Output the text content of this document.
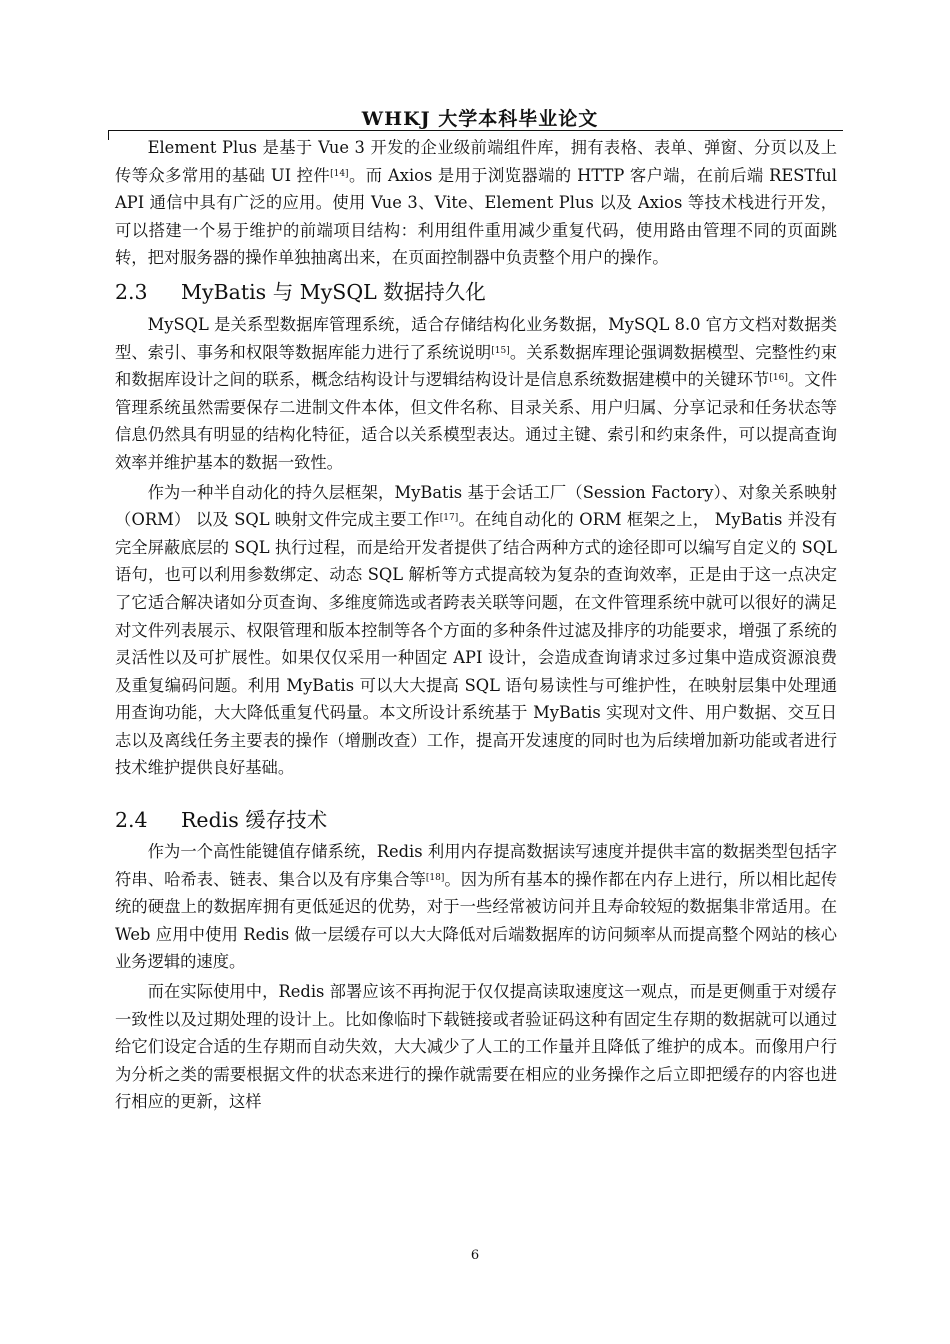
WHKJ 大学本科毕业论文

Element Plus 是基于 Vue 3 开发的企业级前端组件库，拥有表格、表单、弹窗、分页以及上传等众多常用的基础 UI 控件[14]。而 Axios 是用于浏览器端的 HTTP 客户端，在前后端 RESTful API 通信中具有广泛的应用。使用 Vue 3、Vite、Element Plus 以及 Axios 等技术栈进行开发，可以搭建一个易于维护的前端项目结构：利用组件重用减少重复代码，使用路由管理不同的页面跳转，把对服务器的操作单独抽离出来，在页面控制器中负责整个用户的操作。

2.3 MyBatis 与 MySQL 数据持久化

MySQL 是关系型数据库管理系统，适合存储结构化业务数据，MySQL 8.0 官方文档对数据类型、索引、事务和权限等数据库能力进行了系统说明[15]。关系数据库理论强调数据模型、完整性约束和数据库设计之间的联系，概念结构设计与逻辑结构设计是信息系统数据建模中的关键环节[16]。文件管理系统虽然需要保存二进制文件本体，但文件名称、目录关系、用户归属、分享记录和任务状态等信息仍然具有明显的结构化特征，适合以关系模型表达。通过主键、索引和约束条件，可以提高查询效率并维护基本的数据一致性。

作为一种半自动化的持久层框架，MyBatis 基于会话工厂（Session Factory）、对象关系映射（ORM） 以及 SQL 映射文件完成主要工作[17]。在纯自动化的 ORM 框架之上， MyBatis 并没有完全屏蔽底层的 SQL 执行过程，而是给开发者提供了结合两种方式的途径即可以编写自定义的 SQL 语句，也可以利用参数绑定、动态 SQL 解析等方式提高较为复杂的查询效率，正是由于这一点决定了它适合解决诸如分页查询、多维度筛选或者跨表关联等问题，在文件管理系统中就可以很好的满足对文件列表展示、权限管理和版本控制等各个方面的多种条件过滤及排序的功能要求，增强了系统的灵活性以及可扩展性。如果仅仅采用一种固定 API 设计，会造成查询请求过多过集中造成资源浪费及重复编码问题。利用 MyBatis 可以大大提高 SQL 语句易读性与可维护性，在映射层集中处理通用查询功能，大大降低重复代码量。本文所设计系统基于 MyBatis 实现对文件、用户数据、交互日志以及离线任务主要表的操作（增删改查）工作，提高开发速度的同时也为后续增加新功能或者进行技术维护提供良好基础。

2.4 Redis 缓存技术

作为一个高性能键值存储系统，Redis 利用内存提高数据读写速度并提供丰富的数据类型包括字符串、哈希表、链表、集合以及有序集合等[18]。因为所有基本的操作都在内存上进行，所以相比起传统的硬盘上的数据库拥有更低延迟的优势，对于一些经常被访问并且寿命较短的数据集非常适用。在 Web 应用中使用 Redis 做一层缓存可以大大降低对后端数据库的访问频率从而提高整个网站的核心业务逻辑的速度。

而在实际使用中，Redis 部署应该不再拘泥于仅仅提高读取速度这一观点，而是更侧重于对缓存一致性以及过期处理的设计上。比如像临时下载链接或者验证码这种有固定生存期的数据就可以通过给它们设定合适的生存期而自动失效，大大减少了人工的工作量并且降低了维护的成本。而像用户行为分析之类的需要根据文件的状态来进行的操作就需要在相应的业务操作之后立即把缓存的内容也进行相应的更新，这样

6
